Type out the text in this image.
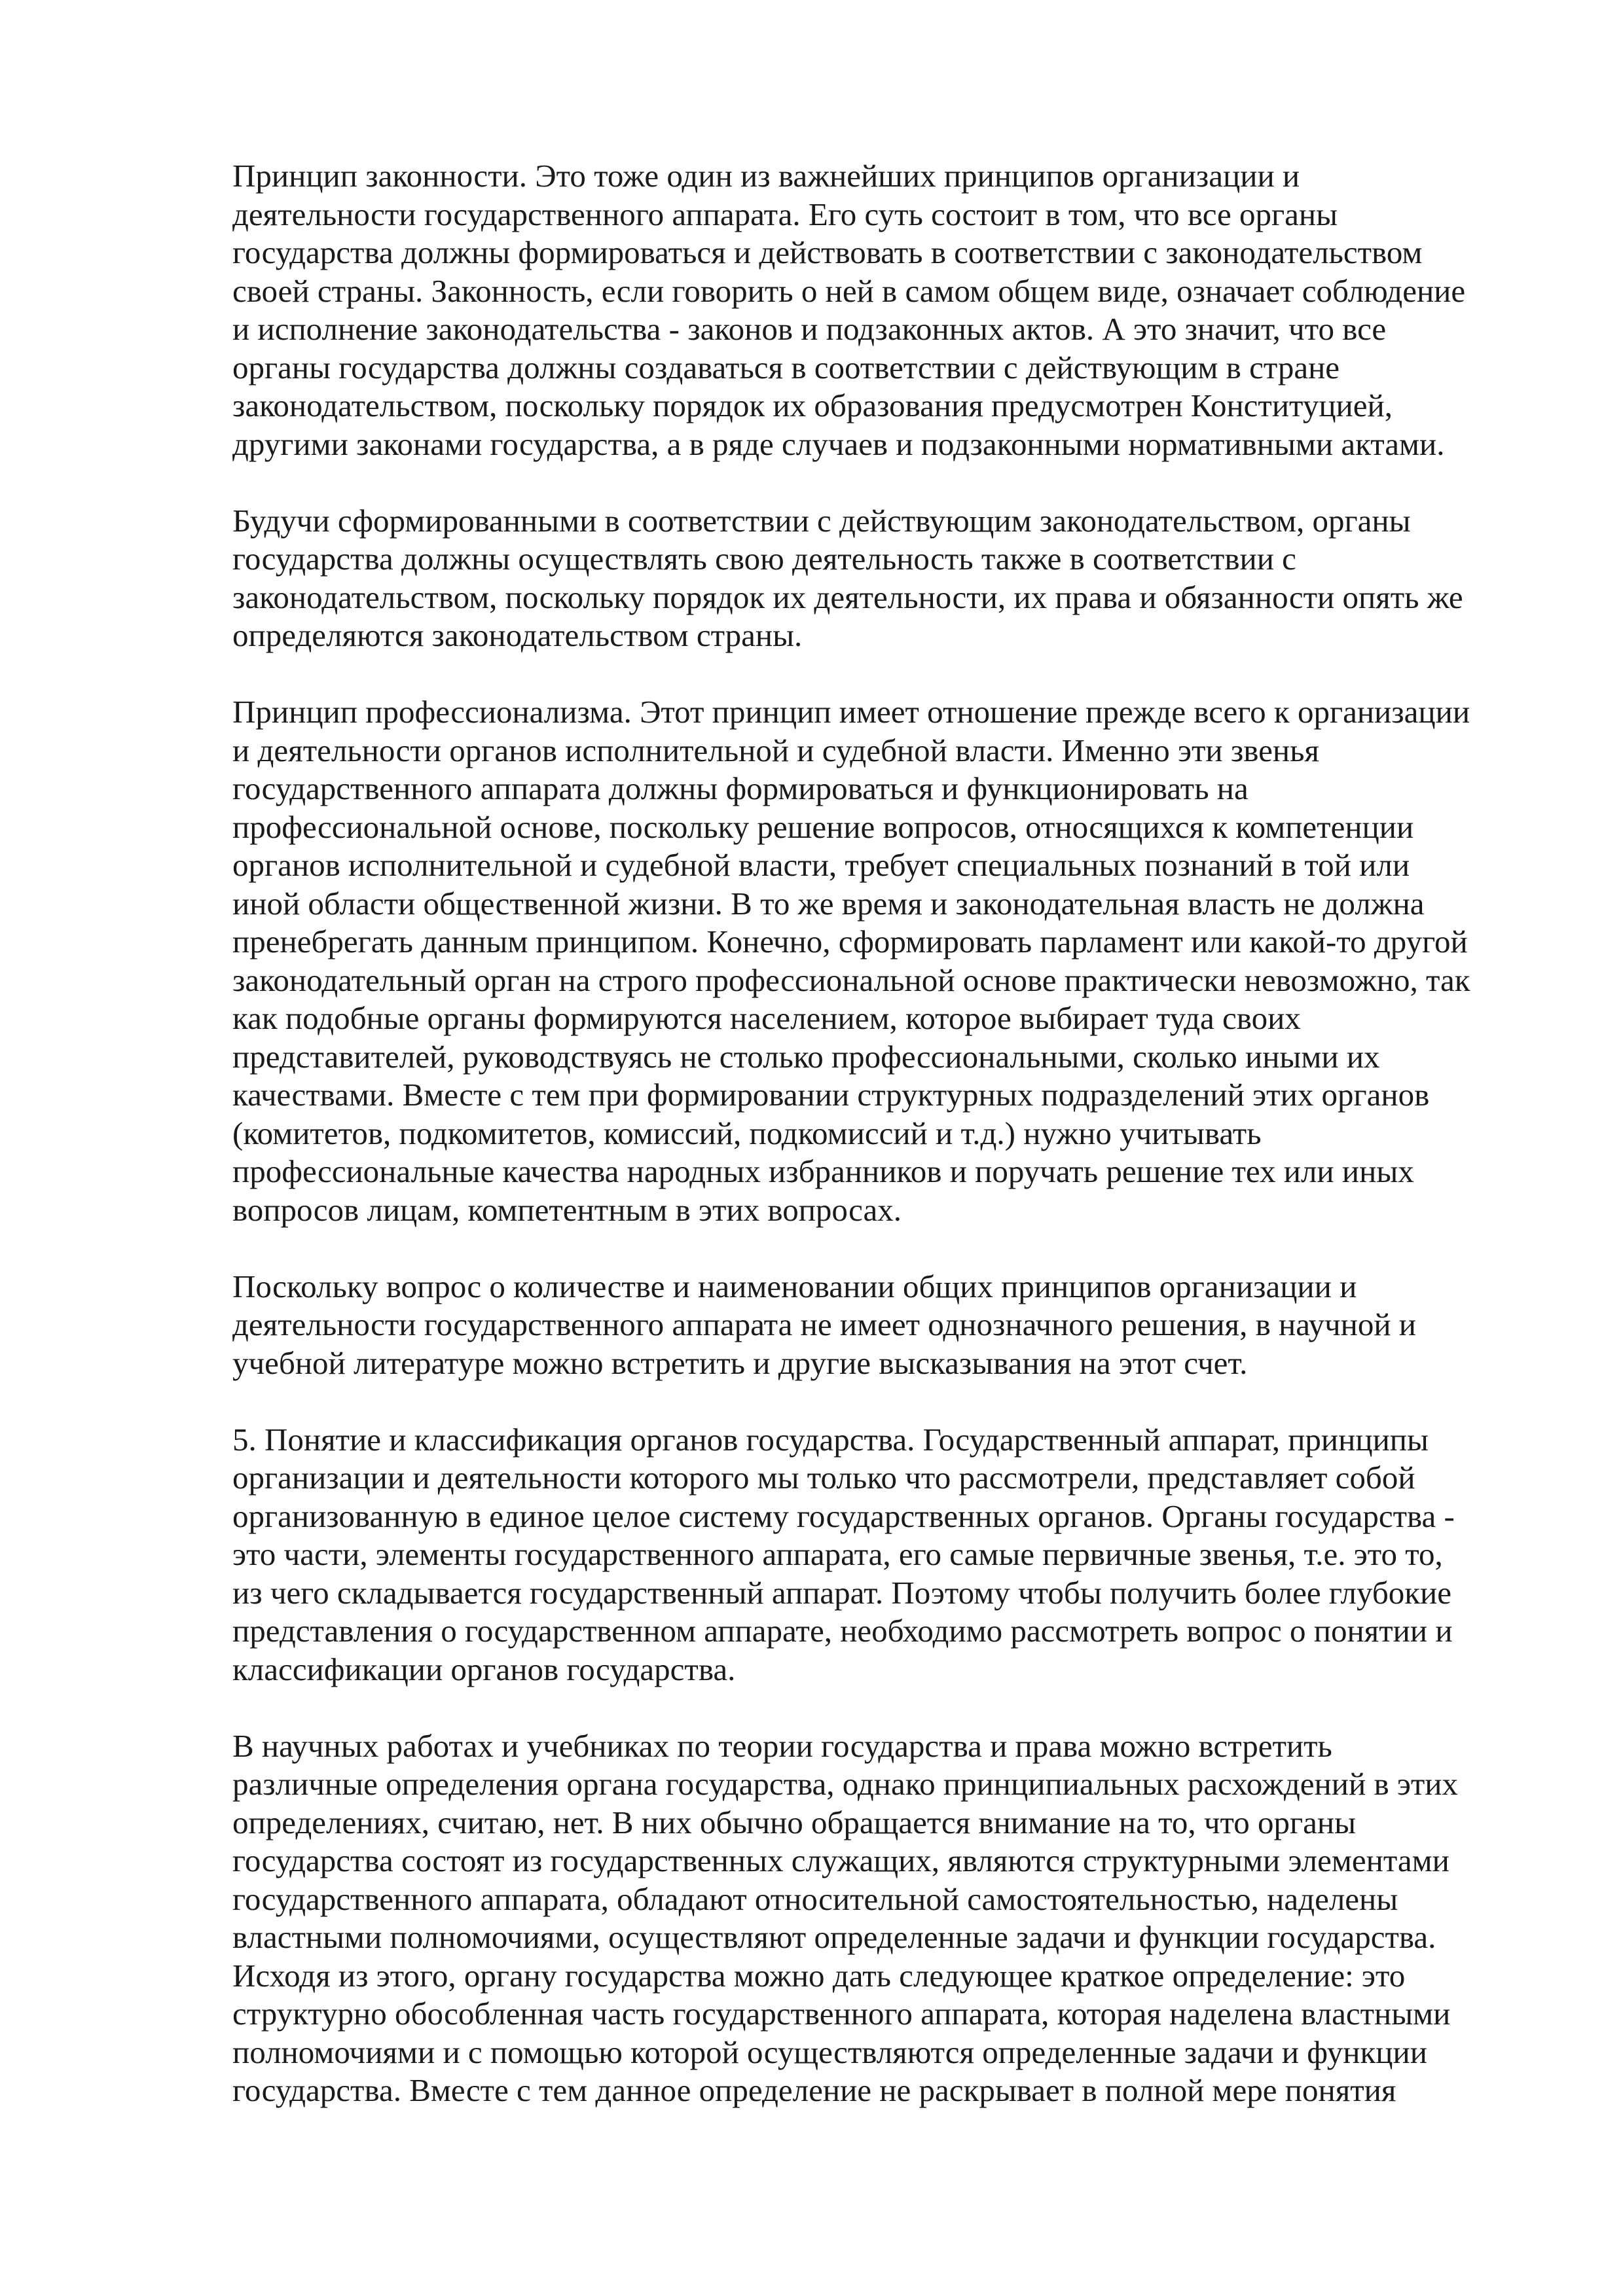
Принцип законности. Это тоже один из важнейших принципов организации и
деятельности государственного аппарата. Его суть состоит в том, что все органы
государства должны формироваться и действовать в соответствии с законодательством
своей страны. Законность, если говорить о ней в самом общем виде, означает соблюдение
и исполнение законодательства - законов и подзаконных актов. А это значит, что все
органы государства должны создаваться в соответствии с действующим в стране
законодательством, поскольку порядок их образования предусмотрен Конституцией,
другими законами государства, а в ряде случаев и подзаконными нормативными актами.

Будучи сформированными в соответствии с действующим законодательством, органы
государства должны осуществлять свою деятельность также в соответствии с
законодательством, поскольку порядок их деятельности, их права и обязанности опять же
определяются законодательством страны.

Принцип профессионализма. Этот принцип имеет отношение прежде всего к организации
и деятельности органов исполнительной и судебной власти. Именно эти звенья
государственного аппарата должны формироваться и функционировать на
профессиональной основе, поскольку решение вопросов, относящихся к компетенции
органов исполнительной и судебной власти, требует специальных познаний в той или
иной области общественной жизни. В то же время и законодательная власть не должна
пренебрегать данным принципом. Конечно, сформировать парламент или какой-то другой
законодательный орган на строго профессиональной основе практически невозможно, так
как подобные органы формируются населением, которое выбирает туда своих
представителей, руководствуясь не столько профессиональными, сколько иными их
качествами. Вместе с тем при формировании структурных подразделений этих органов
(комитетов, подкомитетов, комиссий, подкомиссий и т.д.) нужно учитывать
профессиональные качества народных избранников и поручать решение тех или иных
вопросов лицам, компетентным в этих вопросах.

Поскольку вопрос о количестве и наименовании общих принципов организации и
деятельности государственного аппарата не имеет однозначного решения, в научной и
учебной литературе можно встретить и другие высказывания на этот счет.

5. Понятие и классификация органов государства. Государственный аппарат, принципы
организации и деятельности которого мы только что рассмотрели, представляет собой
организованную в единое целое систему государственных органов. Органы государства -
это части, элементы государственного аппарата, его самые первичные звенья, т.е. это то,
из чего складывается государственный аппарат. Поэтому чтобы получить более глубокие
представления о государственном аппарате, необходимо рассмотреть вопрос о понятии и
классификации органов государства.

В научных работах и учебниках по теории государства и права можно встретить
различные определения органа государства, однако принципиальных расхождений в этих
определениях, считаю, нет. В них обычно обращается внимание на то, что органы
государства состоят из государственных служащих, являются структурными элементами
государственного аппарата, обладают относительной самостоятельностью, наделены
властными полномочиями, осуществляют определенные задачи и функции государства.
Исходя из этого, органу государства можно дать следующее краткое определение: это
структурно обособленная часть государственного аппарата, которая наделена властными
полномочиями и с помощью которой осуществляются определенные задачи и функции
государства. Вместе с тем данное определение не раскрывает в полной мере понятия
